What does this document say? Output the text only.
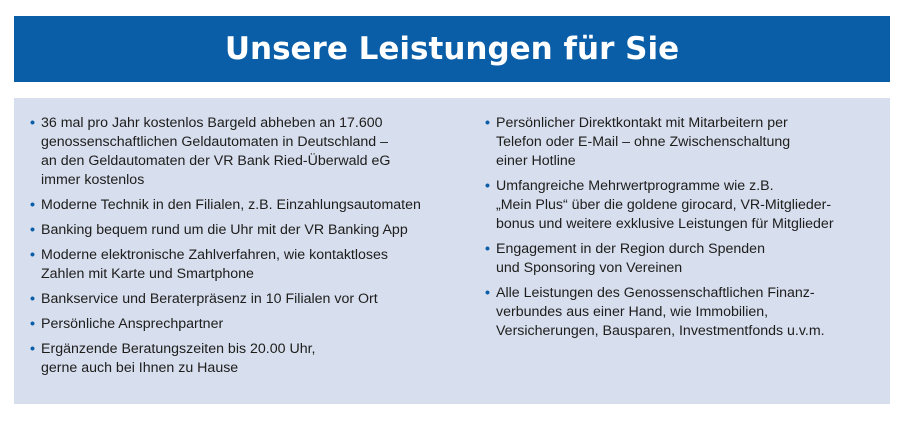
Unsere Leistungen für Sie
• 36 mal pro Jahr kostenlos Bargeld abheben an 17.600
genossenschaftlichen Geldautomaten in Deutschland –
an den Geldautomaten der VR Bank Ried-Überwald eG
immer kostenlos
• Moderne Technik in den Filialen, z.B. Einzahlungsautomaten
• Banking bequem rund um die Uhr mit der VR Banking App
• Moderne elektronische Zahlverfahren, wie kontaktloses
Zahlen mit Karte und Smartphone
• Bankservice und Beraterpräsenz in 10 Filialen vor Ort
• Persönliche Ansprechpartner
• Ergänzende Beratungszeiten bis 20.00 Uhr,
gerne auch bei Ihnen zu Hause
• Persönlicher Direktkontakt mit Mitarbeitern per
Telefon oder E-Mail – ohne Zwischenschaltung
einer Hotline
• Umfangreiche Mehrwertprogramme wie z.B.
„Mein Plus“ über die goldene girocard, VR-Mitglieder-
bonus und weitere exklusive Leistungen für Mitglieder
• Engagement in der Region durch Spenden
und Sponsoring von Vereinen
• Alle Leistungen des Genossenschaftlichen Finanz-
verbundes aus einer Hand, wie Immobilien,
Versicherungen, Bausparen, Investmentfonds u.v.m.
